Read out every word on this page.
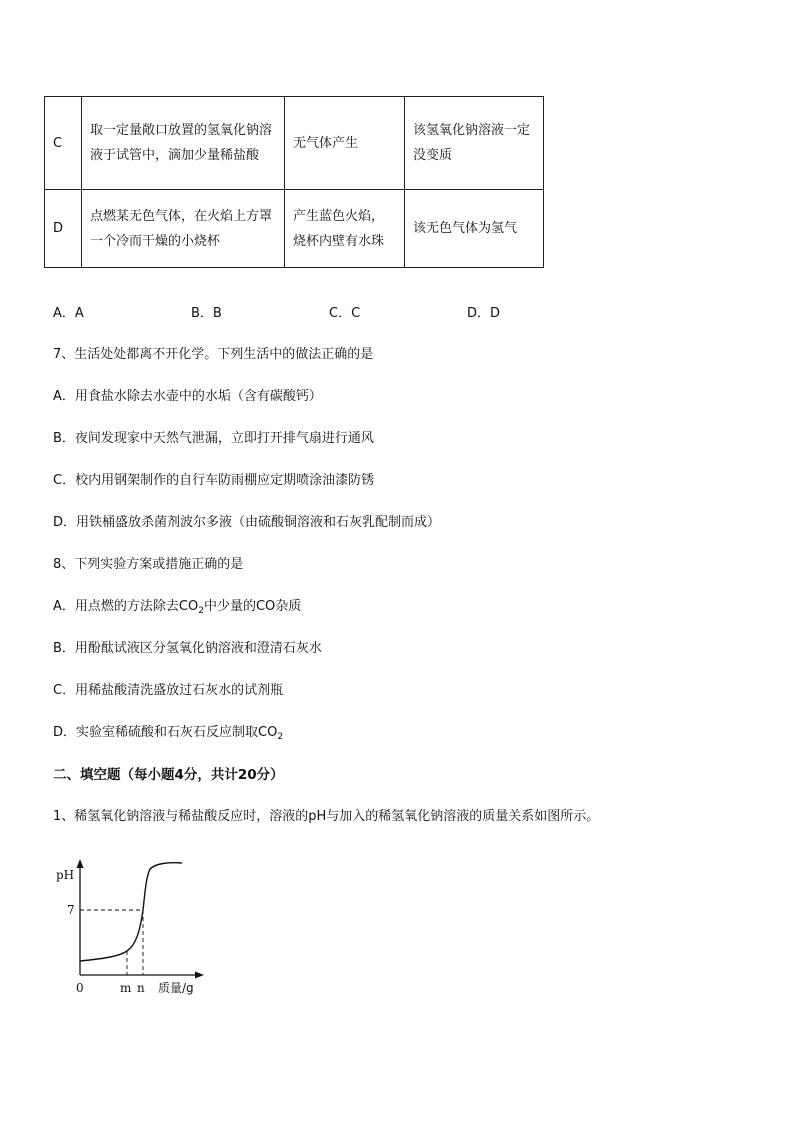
C	取一定量敞口放置的氢氧化钠溶液于试管中，滴加少量稀盐酸	无气体产生	该氢氧化钠溶液一定没变质
D	点燃某无色气体，在火焰上方罩一个冷而干燥的小烧杯	产生蓝色火焰，烧杯内壁有水珠	该无色气体为氢气
A．A	B．B	C．C	D．D
7、生活处处都离不开化学。下列生活中的做法正确的是
A．用食盐水除去水壶中的水垢（含有碳酸钙）
B．夜间发现家中天然气泄漏，立即打开排气扇进行通风
C．校内用钢架制作的自行车防雨棚应定期喷涂油漆防锈
D．用铁桶盛放杀菌剂波尔多液（由硫酸铜溶液和石灰乳配制而成）
8、下列实验方案或措施正确的是
A．用点燃的方法除去$CO_2$中少量的CO杂质
B．用酚酞试液区分氢氧化钠溶液和澄清石灰水
C．用稀盐酸清洗盛放过石灰水的试剂瓶
D．实验室稀硫酸和石灰石反应制取$CO_2$
二、填空题（每小题4分，共计20分）
1、稀氢氧化钠溶液与稀盐酸反应时，溶液的pH与加入的稀氢氧化钠溶液的质量关系如图所示。
pH
7
0	m n 质量/g
